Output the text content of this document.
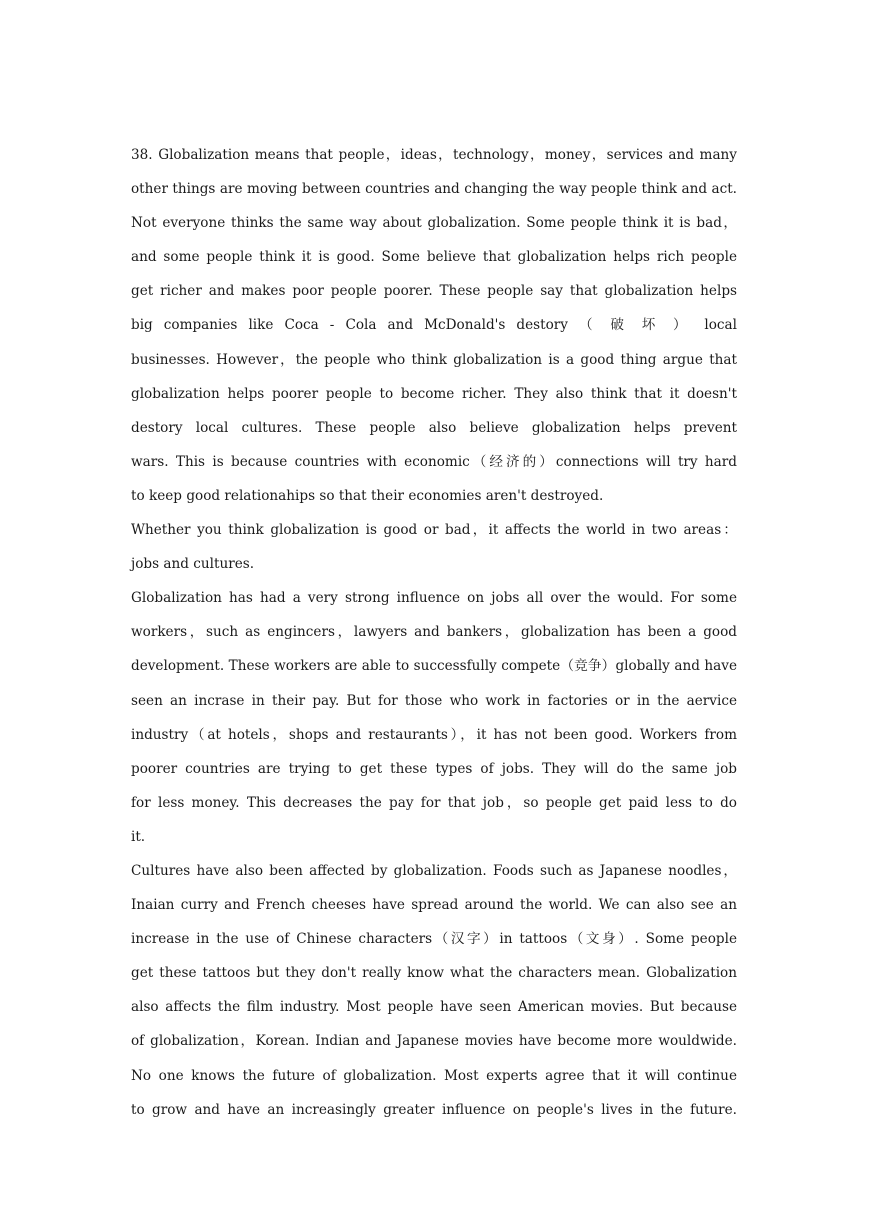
38. Globalization means that people，ideas，technology，money，services and many
other things are moving between countries and changing the way people think and act.
Not everyone thinks the same way about globalization. Some people think it is bad，
and some people think it is good. Some believe that globalization helps rich people
get richer and makes poor people poorer. These people say that globalization helps
big companies like Coca - Cola and McDonald's destory （ 破 坏 ） local
businesses. However，the people who think globalization is a good thing argue that
globalization helps poorer people to become richer. They also think that it doesn't
destory local cultures. These people also believe globalization helps prevent
wars. This is because countries with economic（经济的）connections will try hard
to keep good relationahips so that their economies aren't destroyed.
Whether you think globalization is good or bad，it affects the world in two areas：
jobs and cultures.
Globalization has had a very strong influence on jobs all over the would. For some
workers，such as engincers，lawyers and bankers，globalization has been a good
development. These workers are able to successfully compete（竞争）globally and have
seen an incrase in their pay. But for those who work in factories or in the aervice
industry（at hotels，shops and restaurants），it has not been good. Workers from
poorer countries are trying to get these types of jobs. They will do the same job
for less money. This decreases the pay for that job，so people get paid less to do
it.
Cultures have also been affected by globalization. Foods such as Japanese noodles，
Inaian curry and French cheeses have spread around the world. We can also see an
increase in the use of Chinese characters（汉字）in tattoos（文身）. Some people
get these tattoos but they don't really know what the characters mean. Globalization
also affects the film industry. Most people have seen American movies. But because
of globalization，Korean. Indian and Japanese movies have become more wouldwide.
No one knows the future of globalization. Most experts agree that it will continue
to grow and have an increasingly greater influence on people's lives in the future.
